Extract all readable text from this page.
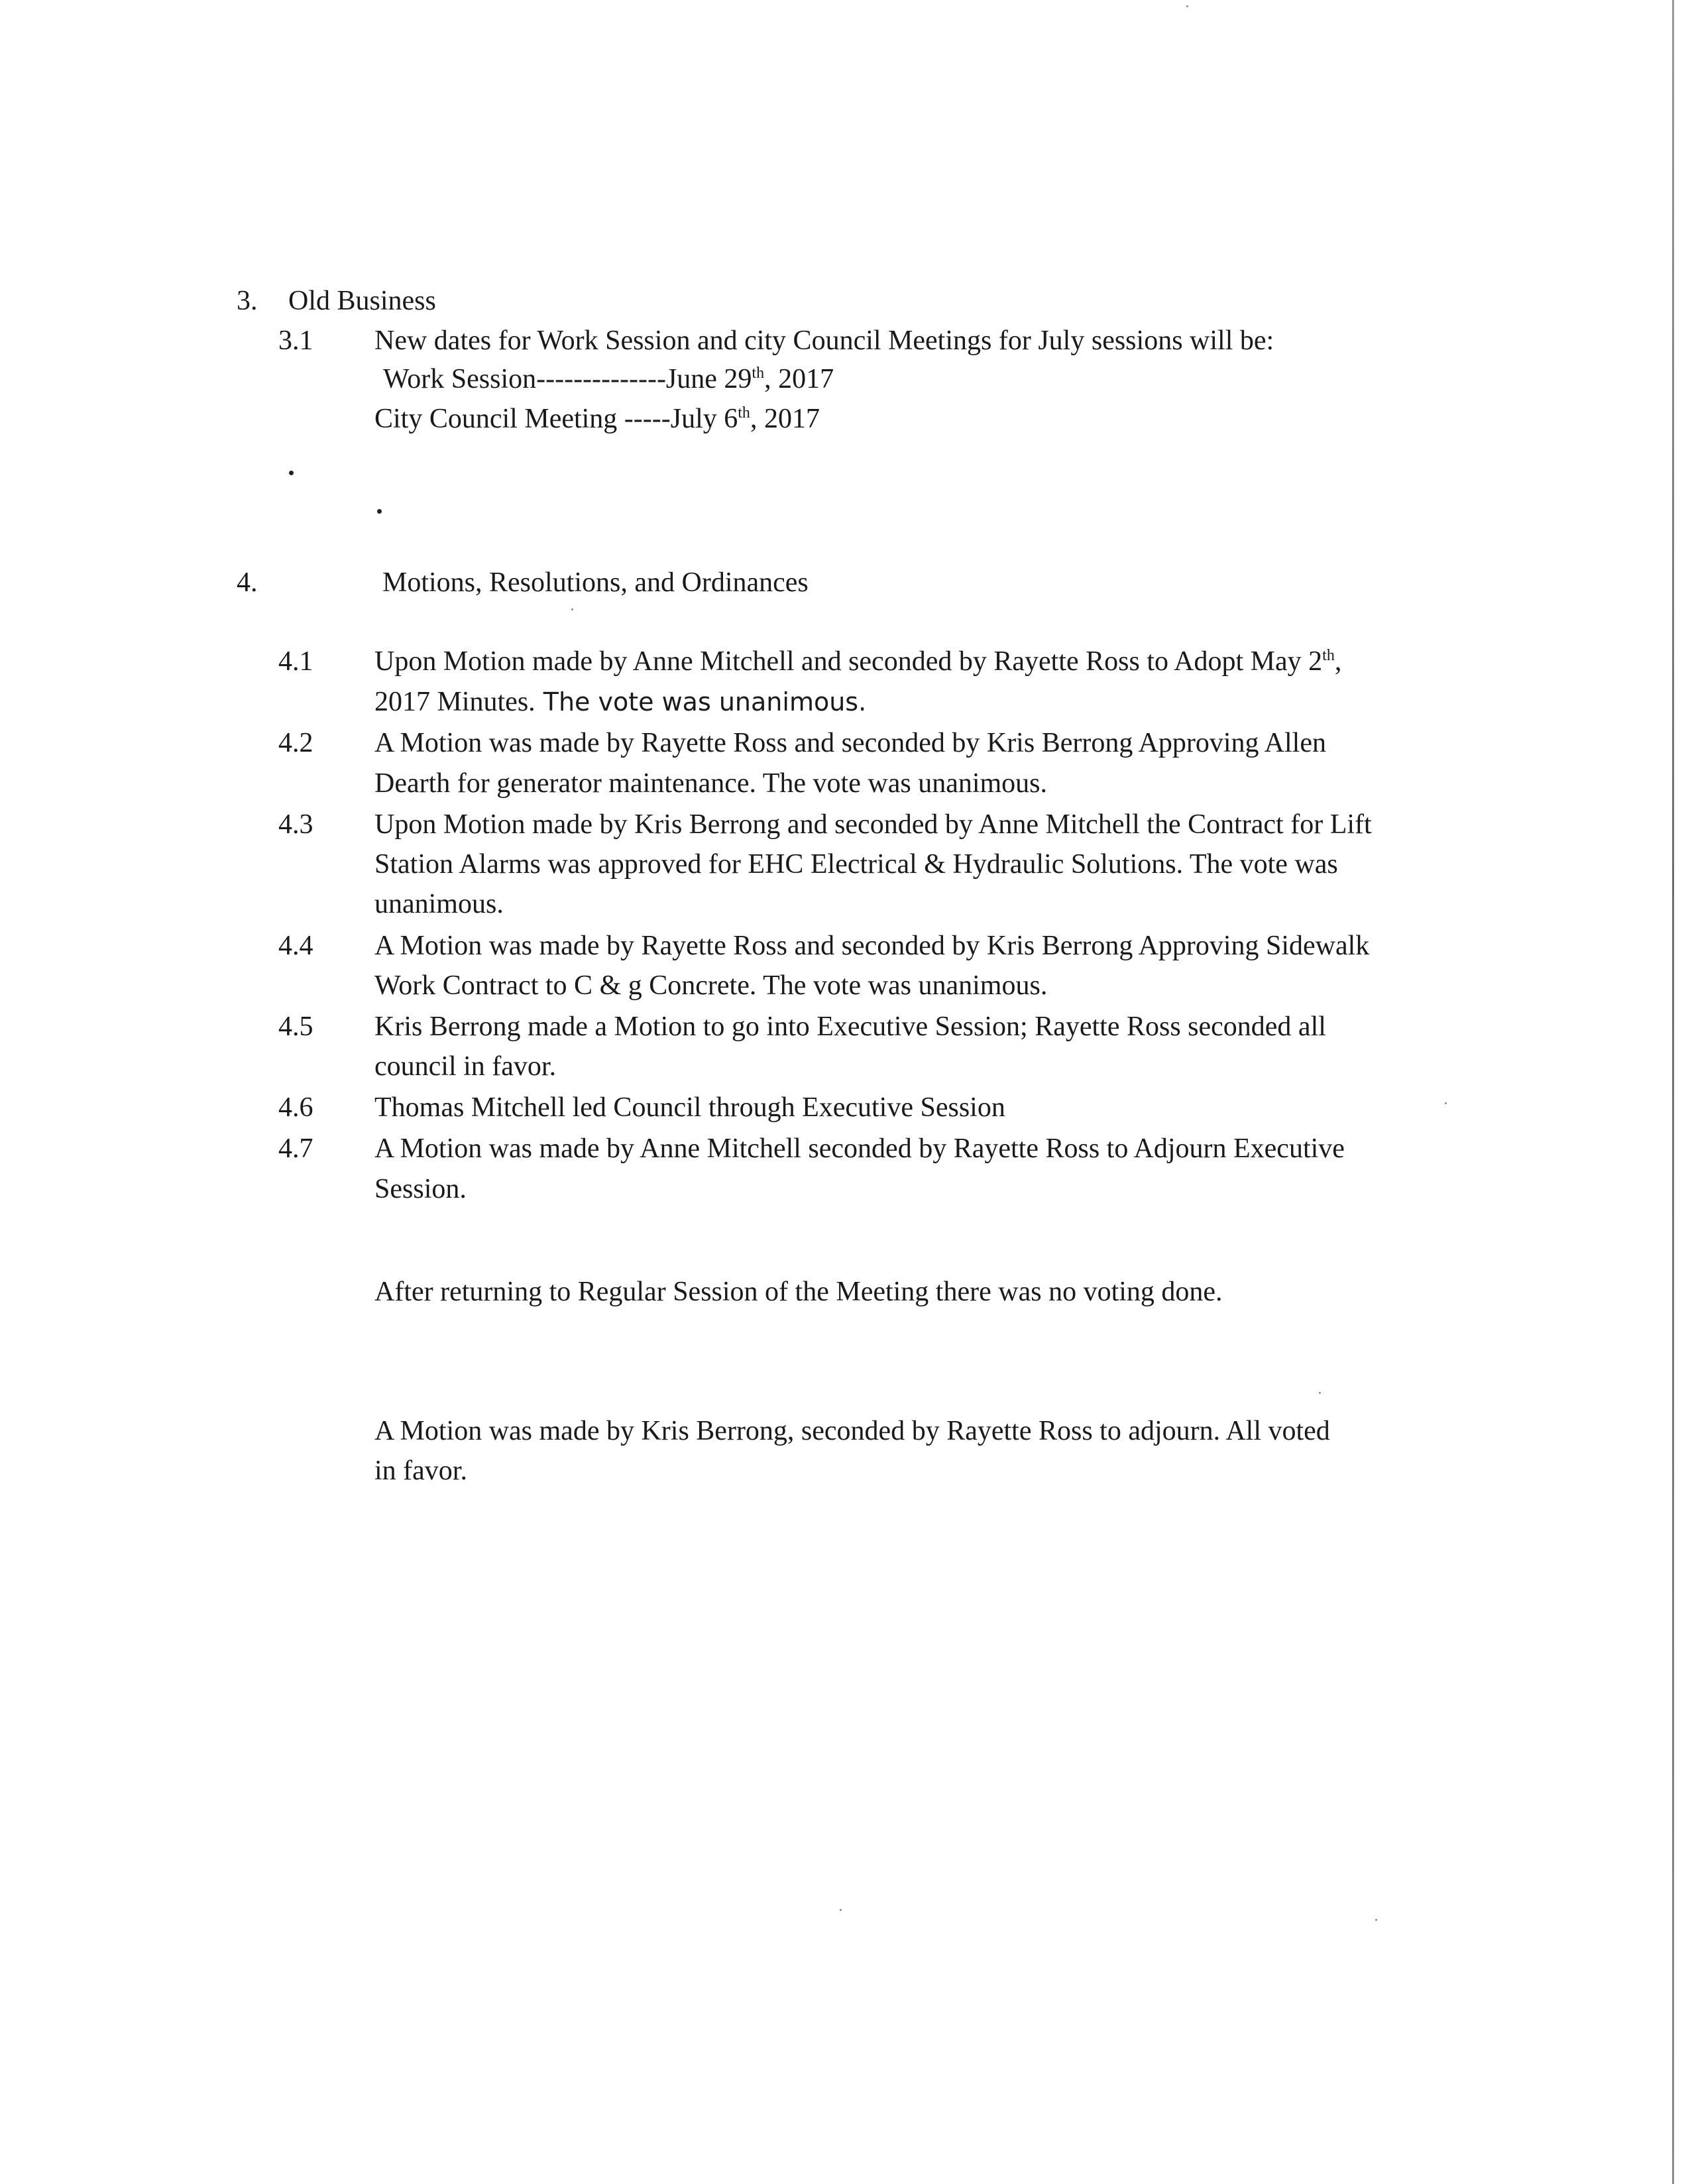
3. Old Business
3.1 New dates for Work Session and city Council Meetings for July sessions will be:
Work Session--------------June 29th, 2017
City Council Meeting -----July 6th, 2017
4.	Motions, Resolutions, and Ordinances
4.1 Upon Motion made by Anne Mitchell and seconded by Rayette Ross to Adopt May 2th,
2017 Minutes. The vote was unanimous.
4.2 A Motion was made by Rayette Ross and seconded by Kris Berrong Approving Allen
Dearth for generator maintenance. The vote was unanimous.
4.3 Upon Motion made by Kris Berrong and seconded by Anne Mitchell the Contract for Lift
Station Alarms was approved for EHC Electrical & Hydraulic Solutions. The vote was
unanimous.
4.4 A Motion was made by Rayette Ross and seconded by Kris Berrong Approving Sidewalk
Work Contract to C & g Concrete. The vote was unanimous.
4.5 Kris Berrong made a Motion to go into Executive Session; Rayette Ross seconded all
council in favor.
4.6 Thomas Mitchell led Council through Executive Session
4.7 A Motion was made by Anne Mitchell seconded by Rayette Ross to Adjourn Executive
Session.
After returning to Regular Session of the Meeting there was no voting done.
A Motion was made by Kris Berrong, seconded by Rayette Ross to adjourn. All voted
in favor.
